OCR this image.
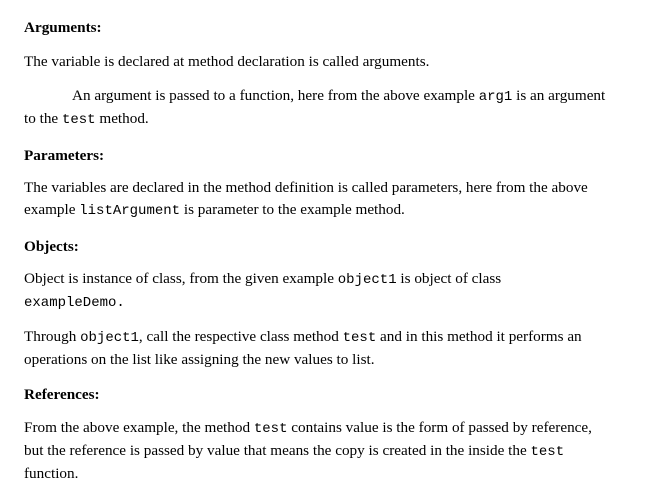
Arguments:
The variable is declared at method declaration is called arguments.
An argument is passed to a function, here from the above example arg1 is an argument
to the test method.
Parameters:
The variables are declared in the method definition is called parameters, here from the above
example listArgument is parameter to the example method.
Objects:
Object is instance of class, from the given example object1 is object of class
exampleDemo.
Through object1, call the respective class method test and in this method it performs an
operations on the list like assigning the new values to list.
References:
From the above example, the method test contains value is the form of passed by reference,
but the reference is passed by value that means the copy is created in the inside the test
function.
